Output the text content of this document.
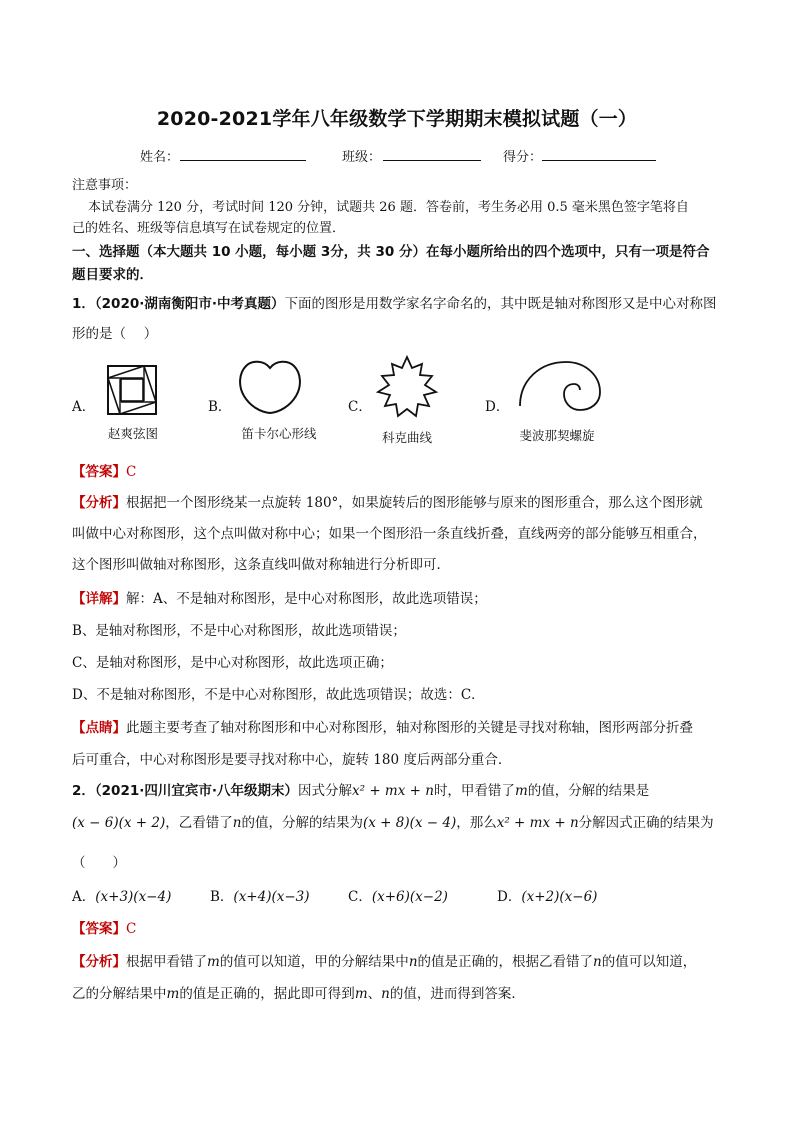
2020-2021学年八年级数学下学期期末模拟试题（一）
姓名：	班级：	得分：
注意事项：
本试卷满分 120 分，考试时间 120 分钟，试题共 26 题．答卷前，考生务必用 0.5 毫米黑色签字笔将自
己的姓名、班级等信息填写在试卷规定的位置．
一、选择题（本大题共 10 小题，每小题 3分，共 30 分）在每小题所给出的四个选项中，只有一项是符合
题目要求的．
1．（2020·湖南衡阳市·中考真题）下面的图形是用数学家名字命名的，其中既是轴对称图形又是中心对称图
形的是（　 ）
A．
赵爽弦图
B．
笛卡尔心形线
C．
科克曲线
D．
斐波那契螺旋
【答案】C
【分析】根据把一个图形绕某一点旋转 180°，如果旋转后的图形能够与原来的图形重合，那么这个图形就
叫做中心对称图形，这个点叫做对称中心；如果一个图形沿一条直线折叠，直线两旁的部分能够互相重合，
这个图形叫做轴对称图形，这条直线叫做对称轴进行分析即可．
【详解】解：A、不是轴对称图形，是中心对称图形，故此选项错误；
B、是轴对称图形，不是中心对称图形，故此选项错误；
C、是轴对称图形，是中心对称图形，故此选项正确；
D、不是轴对称图形，不是中心对称图形，故此选项错误；故选：C．
【点睛】此题主要考查了轴对称图形和中心对称图形，轴对称图形的关键是寻找对称轴，图形两部分折叠
后可重合，中心对称图形是要寻找对称中心，旋转 180 度后两部分重合．
2．（2021·四川宜宾市·八年级期末）因式分解x² + mx + n时，甲看错了m的值，分解的结果是
(x − 6)(x + 2)，乙看错了n的值，分解的结果为(x + 8)(x − 4)，那么x² + mx + n分解因式正确的结果为
（　　）
A．(x+3)(x−4)	B．(x+4)(x−3)	C．(x+6)(x−2)	D．(x+2)(x−6)
【答案】C
【分析】根据甲看错了m的值可以知道，甲的分解结果中n的值是正确的，根据乙看错了n的值可以知道，
乙的分解结果中m的值是正确的，据此即可得到m、n的值，进而得到答案．
